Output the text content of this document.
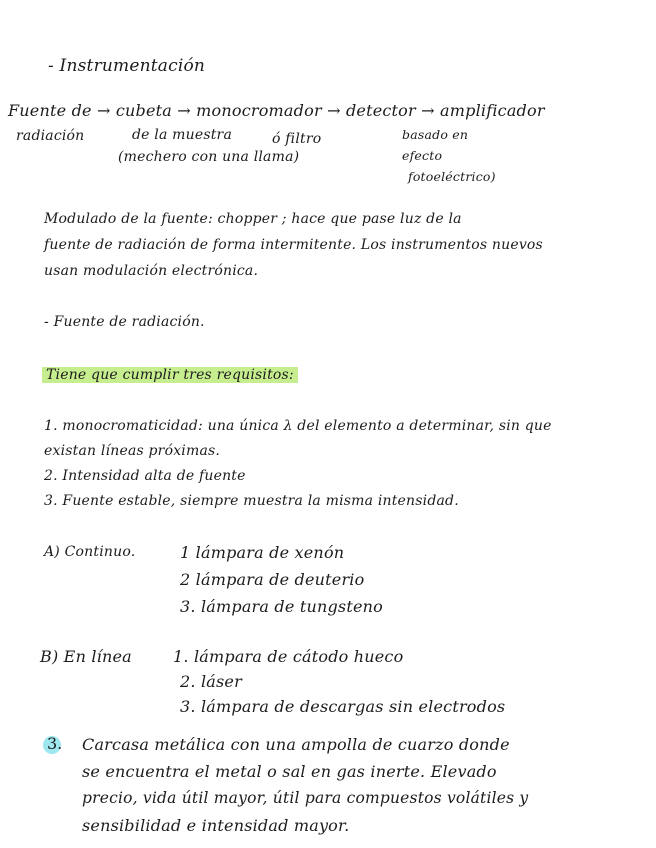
- Instrumentación
Fuente de → cubeta → monocromador → detector → amplificador
radiación	de la muestra
(mechero con una llama)
ó filtro	basado en
efecto
fotoeléctrico)
Modulado de la fuente: chopper ; hace que pase luz de la
fuente de radiación de forma intermitente. Los instrumentos nuevos
usan modulación electrónica.
- Fuente de radiación.
Tiene que cumplir tres requisitos:
1. monocromaticidad: una única λ del elemento a determinar, sin que
existan líneas próximas.
2. Intensidad alta de fuente
3. Fuente estable, siempre muestra la misma intensidad.
A) Continuo.	1 lámpara de xenón
2 lámpara de deuterio
3. lámpara de tungsteno
B) En línea	1. lámpara de cátodo hueco
2. láser
3. lámpara de descargas sin electrodos
3. Carcasa metálica con una ampolla de cuarzo donde
se encuentra el metal o sal en gas inerte. Elevado
precio, vida útil mayor, útil para compuestos volátiles y
sensibilidad e intensidad mayor.
